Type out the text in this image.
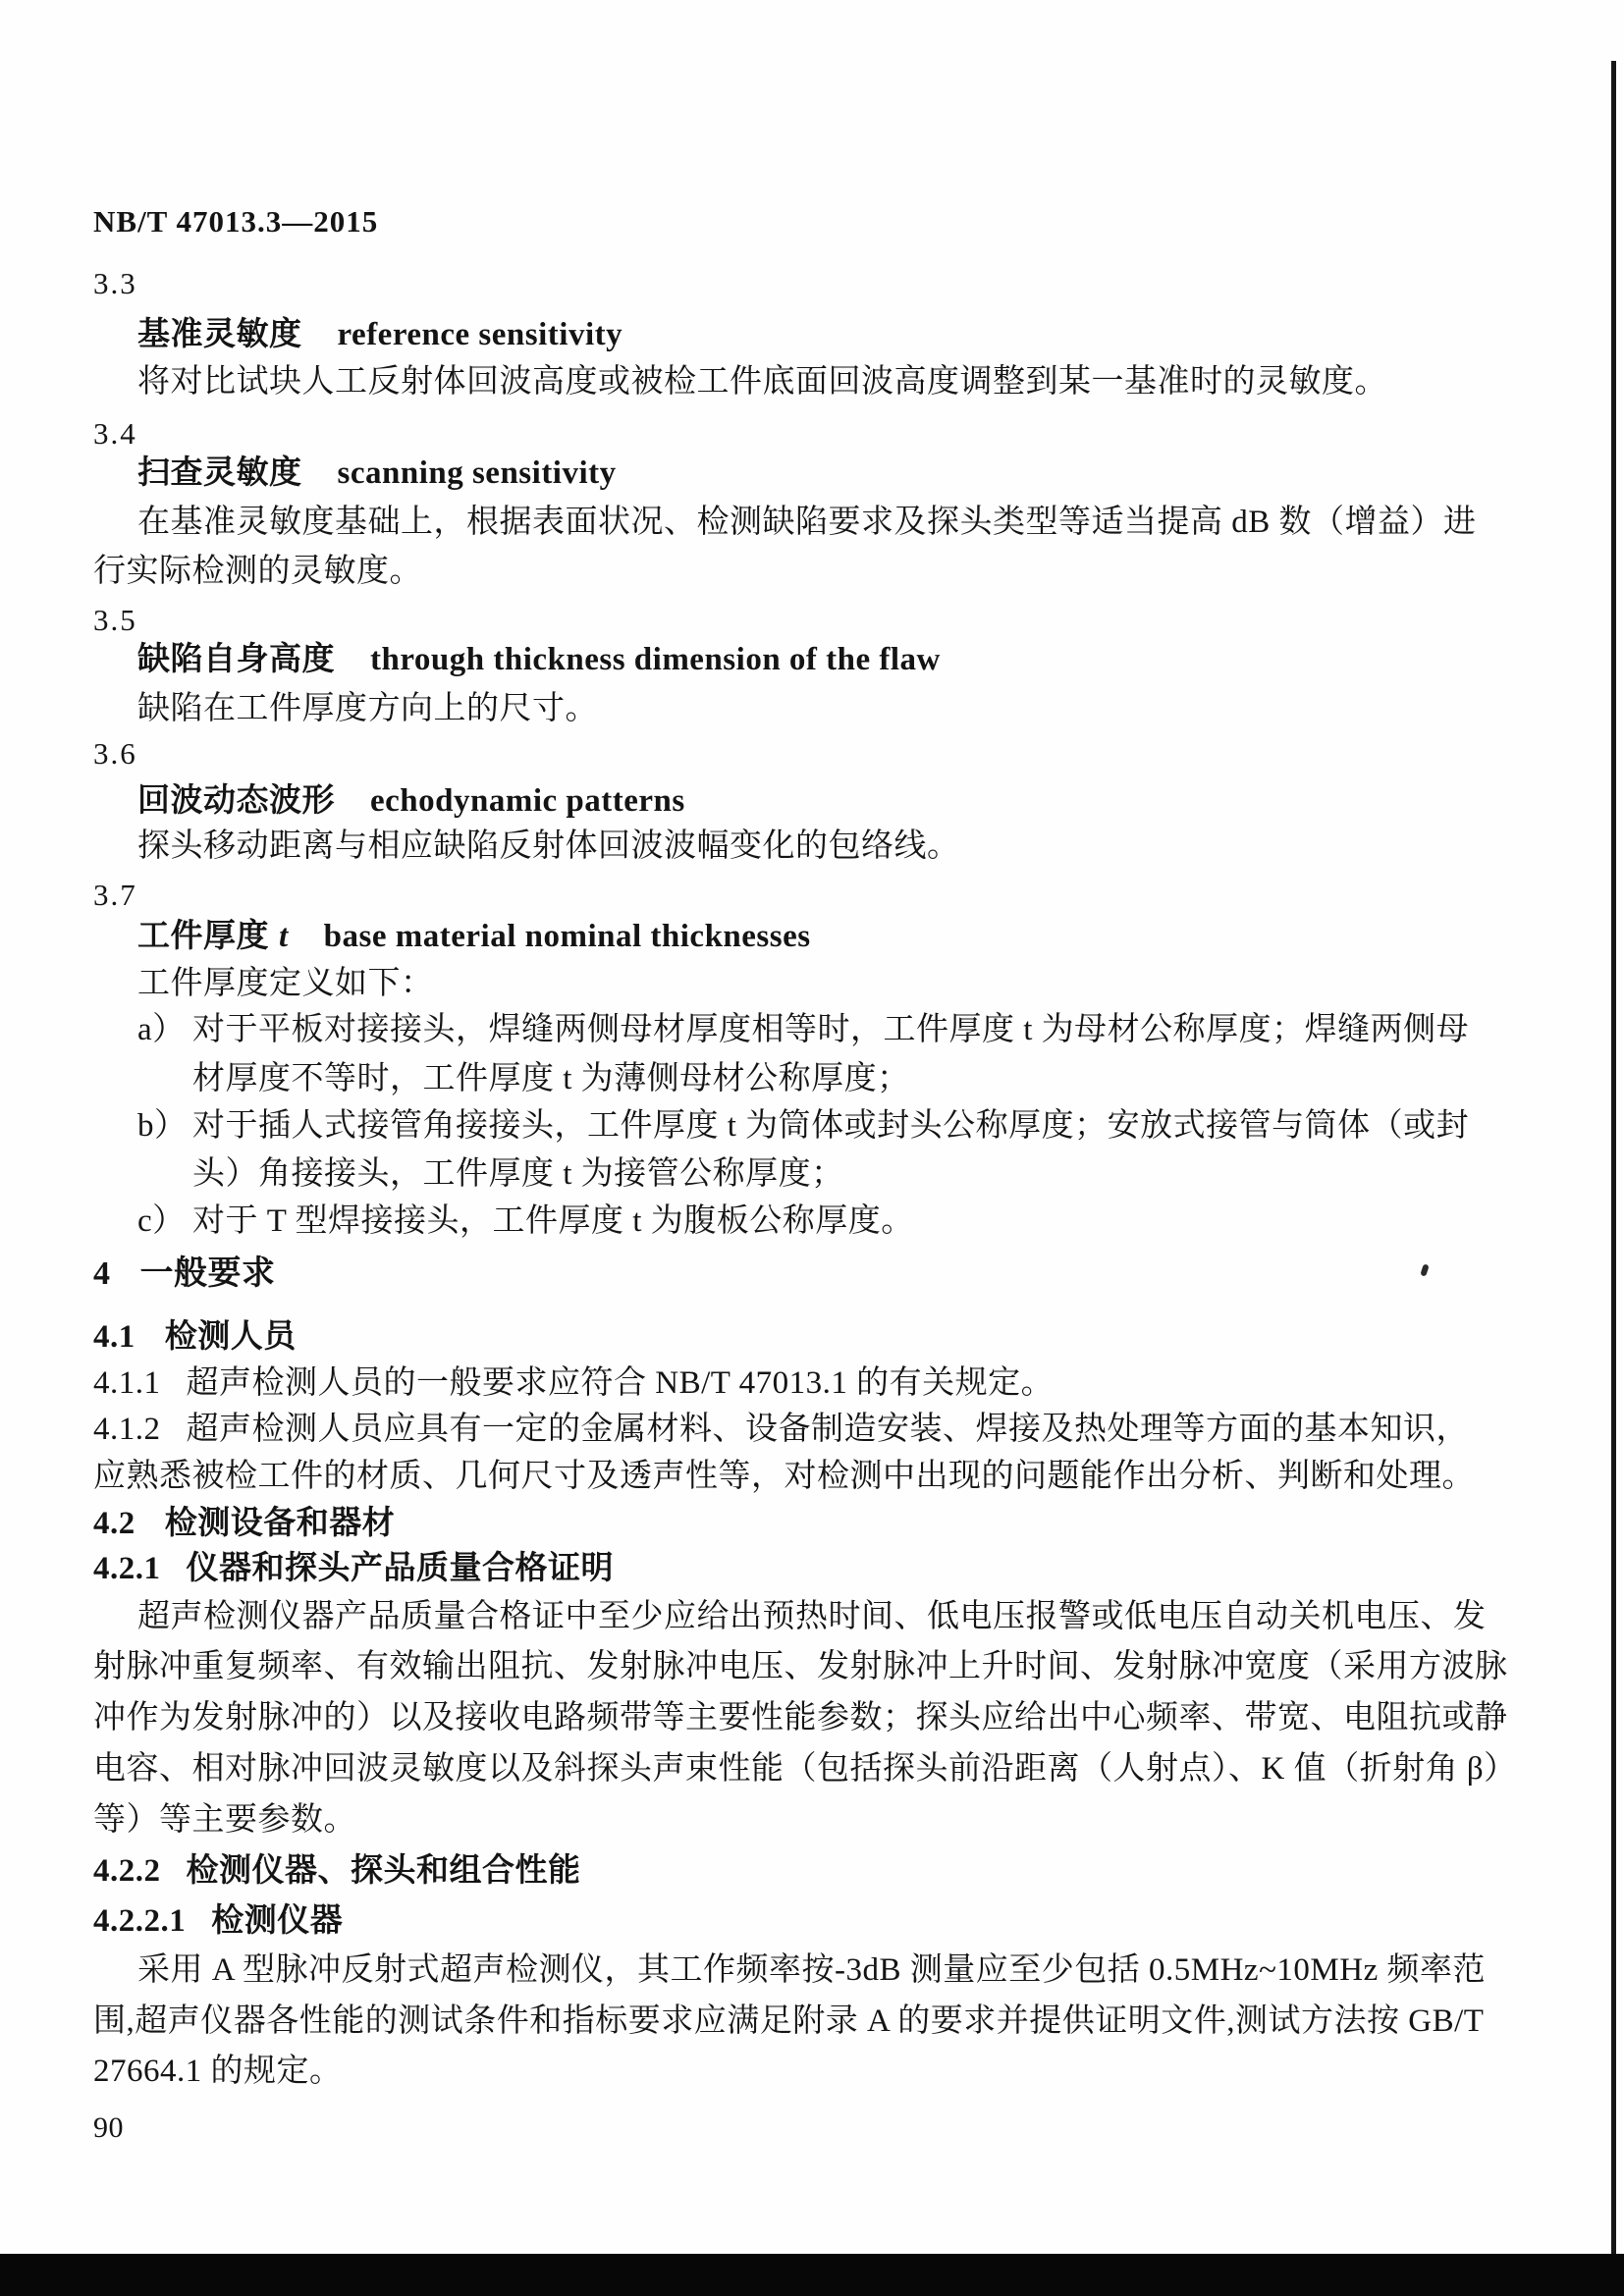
NB/T 47013.3—2015
3.3
基准灵敏度 reference sensitivity
将对比试块人工反射体回波高度或被检工件底面回波高度调整到某一基准时的灵敏度。
3.4
扫查灵敏度 scanning sensitivity
在基准灵敏度基础上，根据表面状况、检测缺陷要求及探头类型等适当提高 dB 数（增益）进
行实际检测的灵敏度。
3.5
缺陷自身高度 through thickness dimension of the flaw
缺陷在工件厚度方向上的尺寸。
3.6
回波动态波形 echodynamic patterns
探头移动距离与相应缺陷反射体回波波幅变化的包络线。
3.7
工件厚度 t base material nominal thicknesses
工件厚度定义如下：
a） 对于平板对接接头，焊缝两侧母材厚度相等时，工件厚度 t 为母材公称厚度；焊缝两侧母
材厚度不等时，工件厚度 t 为薄侧母材公称厚度；
b） 对于插人式接管角接接头，工件厚度 t 为筒体或封头公称厚度；安放式接管与筒体（或封
头）角接接头，工件厚度 t 为接管公称厚度；
c） 对于 T 型焊接接头，工件厚度 t 为腹板公称厚度。
4 一般要求
4.1 检测人员
4.1.1 超声检测人员的一般要求应符合 NB/T 47013.1 的有关规定。
4.1.2 超声检测人员应具有一定的金属材料、设备制造安装、焊接及热处理等方面的基本知识，
应熟悉被检工件的材质、几何尺寸及透声性等，对检测中出现的问题能作出分析、判断和处理。
4.2 检测设备和器材
4.2.1 仪器和探头产品质量合格证明
超声检测仪器产品质量合格证中至少应给出预热时间、低电压报警或低电压自动关机电压、发
射脉冲重复频率、有效输出阻抗、发射脉冲电压、发射脉冲上升时间、发射脉冲宽度（采用方波脉
冲作为发射脉冲的）以及接收电路频带等主要性能参数；探头应给出中心频率、带宽、电阻抗或静
电容、相对脉冲回波灵敏度以及斜探头声束性能（包括探头前沿距离（人射点）、K 值（折射角 β）
等）等主要参数。
4.2.2 检测仪器、探头和组合性能
4.2.2.1 检测仪器
采用 A 型脉冲反射式超声检测仪，其工作频率按-3dB 测量应至少包括 0.5MHz~10MHz 频率范
围,超声仪器各性能的测试条件和指标要求应满足附录 A 的要求并提供证明文件,测试方法按 GB/T
27664.1 的规定。
90
